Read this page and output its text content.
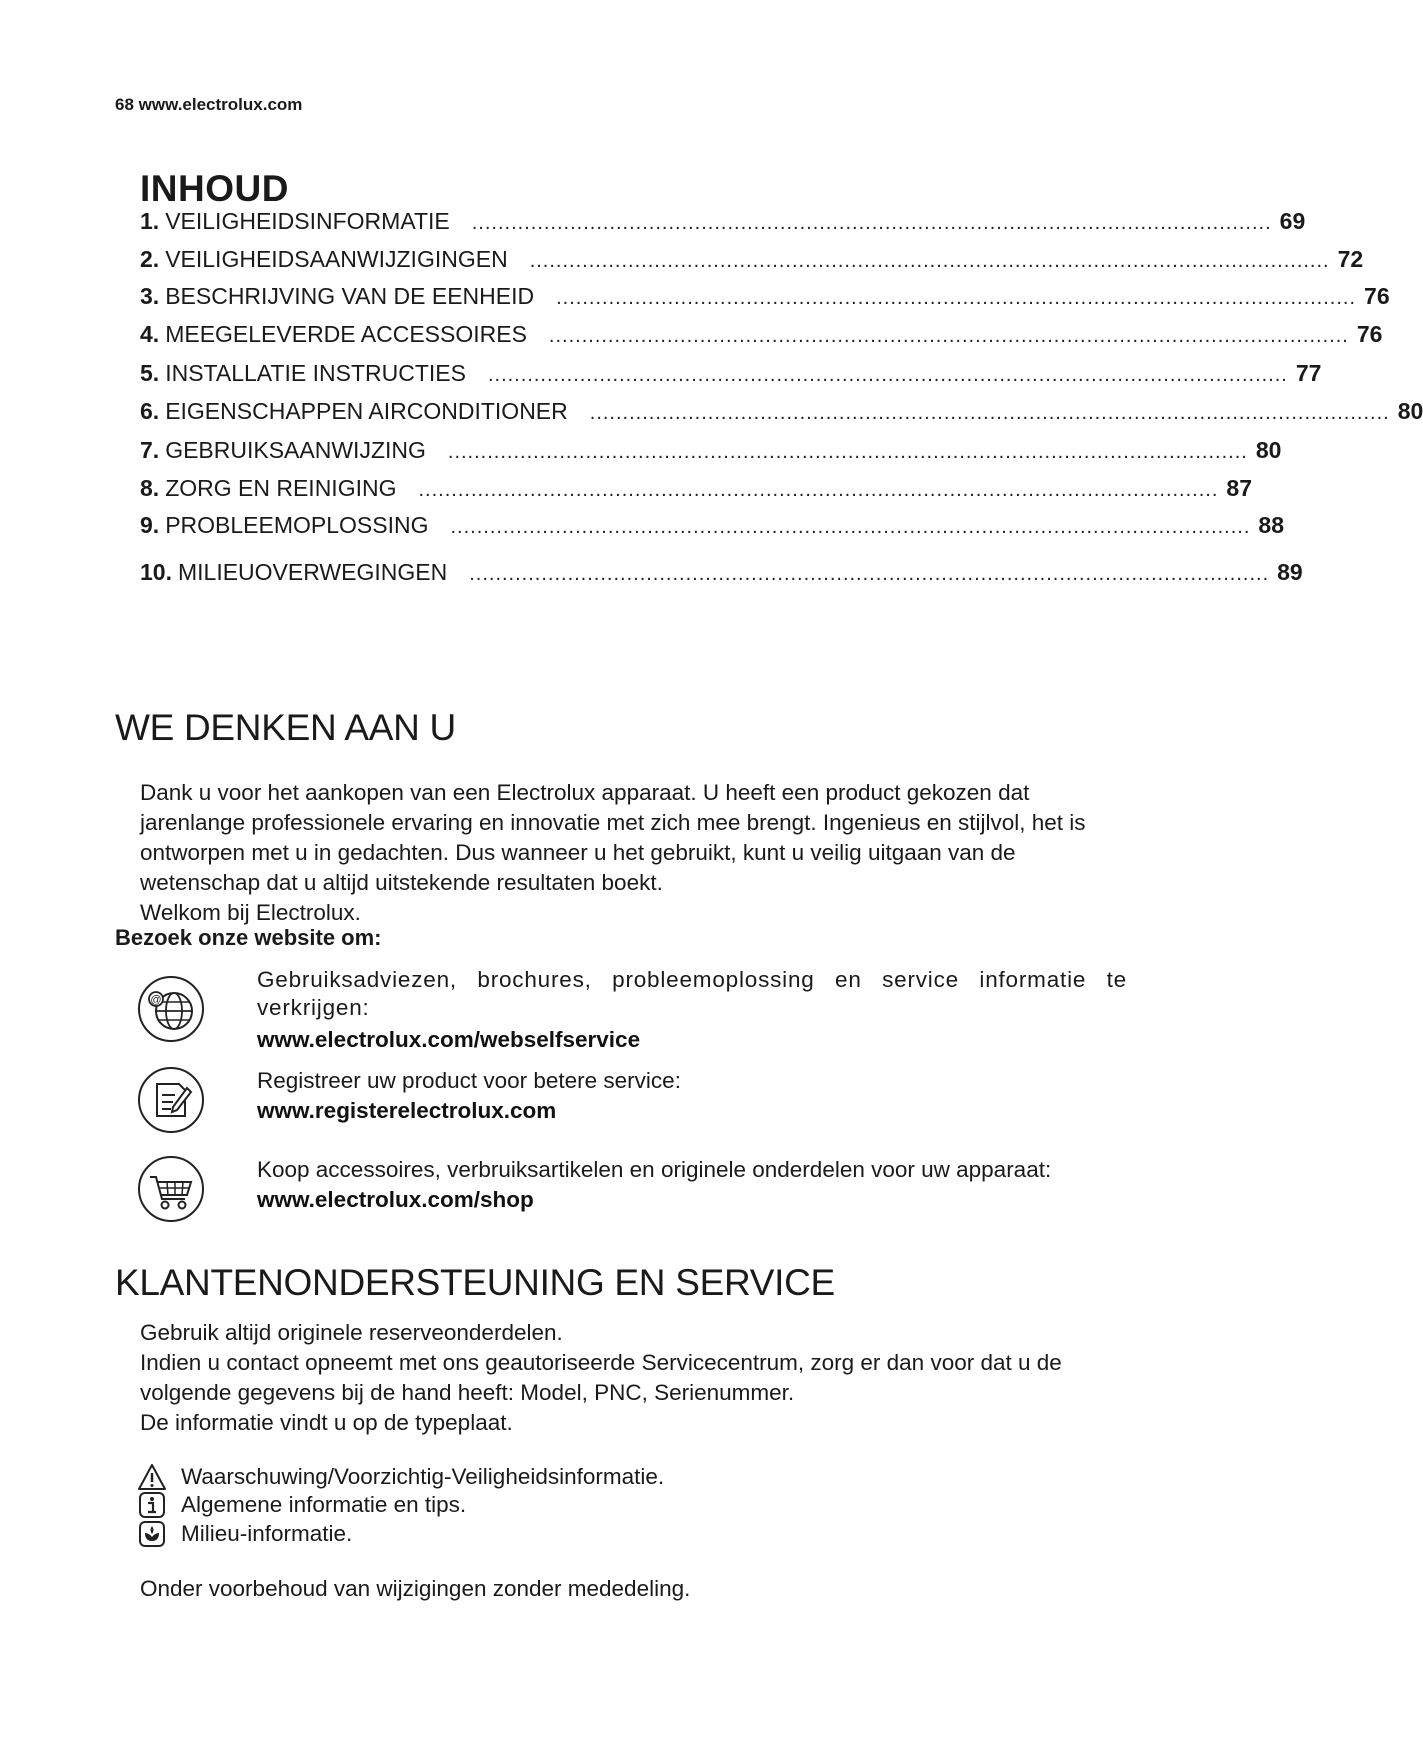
68 www.electrolux.com
INHOUD
1. VEILIGHEIDSINFORMATIE .......................................................................................................................... 69
2. VEILIGHEIDSAANWIJZIGINGEN .......................................................................................................................... 72
3. BESCHRIJVING VAN DE EENHEID .......................................................................................................................... 76
4. MEEGELEVERDE ACCESSOIRES .......................................................................................................................... 76
5. INSTALLATIE INSTRUCTIES .......................................................................................................................... 77
6. EIGENSCHAPPEN AIRCONDITIONER .......................................................................................................................... 80
7. GEBRUIKSAANWIJZING .......................................................................................................................... 80
8. ZORG EN REINIGING .......................................................................................................................... 87
9. PROBLEEMOPLOSSING .......................................................................................................................... 88
10. MILIEUOVERWEGINGEN .......................................................................................................................... 89
WE DENKEN AAN U
Dank u voor het aankopen van een Electrolux apparaat. U heeft een product gekozen dat jarenlange professionele ervaring en innovatie met zich mee brengt. Ingenieus en stijlvol, het is ontworpen met u in gedachten. Dus wanneer u het gebruikt, kunt u veilig uitgaan van de wetenschap dat u altijd uitstekende resultaten boekt.
Welkom bij Electrolux.
Bezoek onze website om:
@
Gebruiksadviezen, brochures, probleemoplossing en service informatie te verkrijgen:
www.electrolux.com/webselfservice
Registreer uw product voor betere service:
www.registerelectrolux.com
Koop accessoires, verbruiksartikelen en originele onderdelen voor uw apparaat:
www.electrolux.com/shop
KLANTENONDERSTEUNING EN SERVICE
Gebruik altijd originele reserveonderdelen.
Indien u contact opneemt met ons geautoriseerde Servicecentrum, zorg er dan voor dat u de volgende gegevens bij de hand heeft: Model, PNC, Serienummer.
De informatie vindt u op de typeplaat.
Waarschuwing/Voorzichtig-Veiligheidsinformatie.
Algemene informatie en tips.
Milieu-informatie.
Onder voorbehoud van wijzigingen zonder mededeling.
